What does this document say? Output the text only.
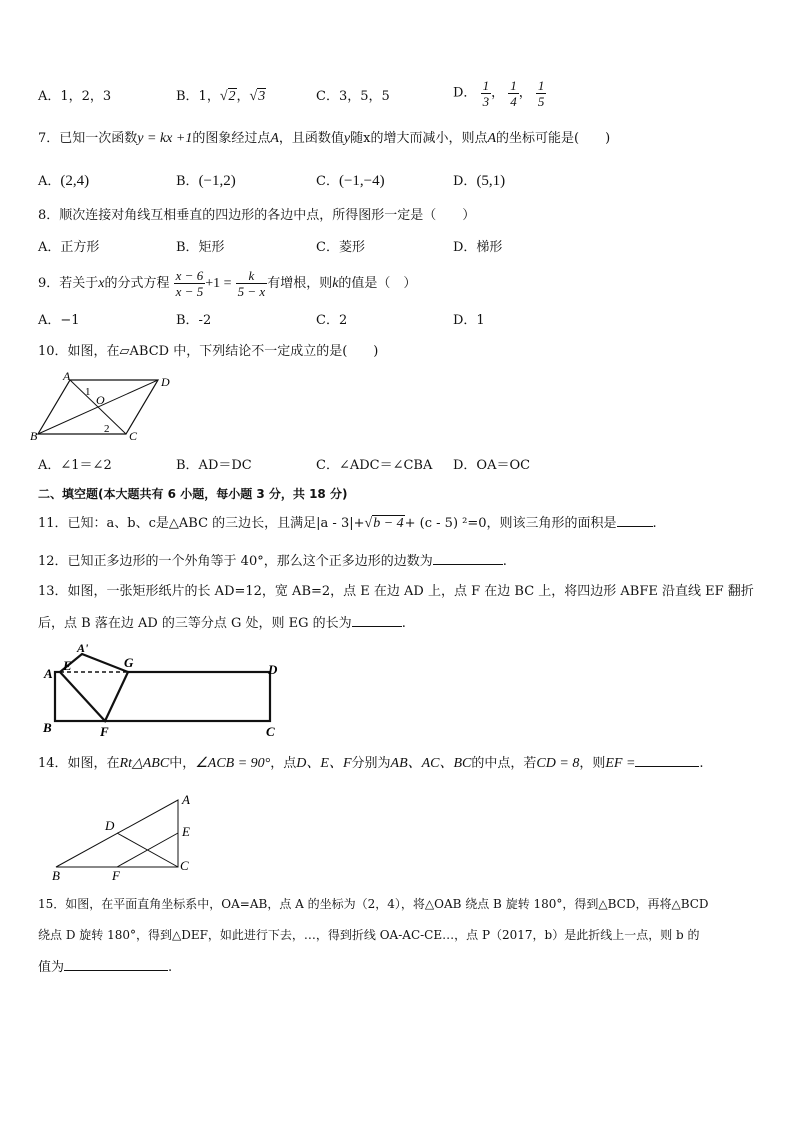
A．1，2，3	B．1，√2，√3	C．3，5，5	D． $\frac{1}{3}$ ， $\frac{1}{4}$ ， $\frac{1}{5}$
7．已知一次函数y = kx +1的图象经过点A，且函数值y随x的增大而减小，则点A的坐标可能是(　　)
A．(2,4)	B．(−1,2)	C．(−1,−4)	D．(5,1)
8．顺次连接对角线互相垂直的四边形的各边中点，所得图形一定是（　　）
A．正方形	B．矩形	C．菱形	D．梯形
9．若关于x的分式方程 $\frac{x - 6}{x - 5} +1 = \frac{k}{5 - x}$ 有增根，则k的值是（　）
A．−1	B．-2	C．2	D．1
10．如图，在▱ABCD 中，下列结论不一定成立的是(　　)
A	D
B	C
O
1
2
A．∠1＝∠2	B．AD＝DC	C．∠ADC＝∠CBA D．OA＝OC
二、填空题(本大题共有 6 小题，每小题 3 分，共 18 分)
11．已知：a、b、c是△ABC 的三边长，且满足|a - 3|+√b − 4+ (c - 5) ²=0，则该三角形的面积是	.
12．已知正多边形的一个外角等于 40°，那么这个正多边形的边数为	.
13．如图，一张矩形纸片的长 AD=12，宽 AB=2，点 E 在边 AD 上，点 F 在边 BC 上，将四边形 ABFE 沿直线 EF 翻折
后，点 B 落在边 AD 的三等分点 G 处，则 EG 的长为	.
A'
E	G
A	D
B	F	C
14．如图，在Rt△ABC中，∠ACB = 90°，点D、E、F分别为AB、AC、BC的中点，若CD = 8，则EF =	.
A
D	E
B	F
C
15．如图，在平面直角坐标系中，OA=AB，点 A 的坐标为（2，4），将△OAB 绕点 B 旋转 180°，得到△BCD，再将△BCD
绕点 D 旋转 180°，得到△DEF，如此进行下去，…，得到折线 OA-AC-CE…，点 P（2017，b）是此折线上一点，则 b 的
值为	.
